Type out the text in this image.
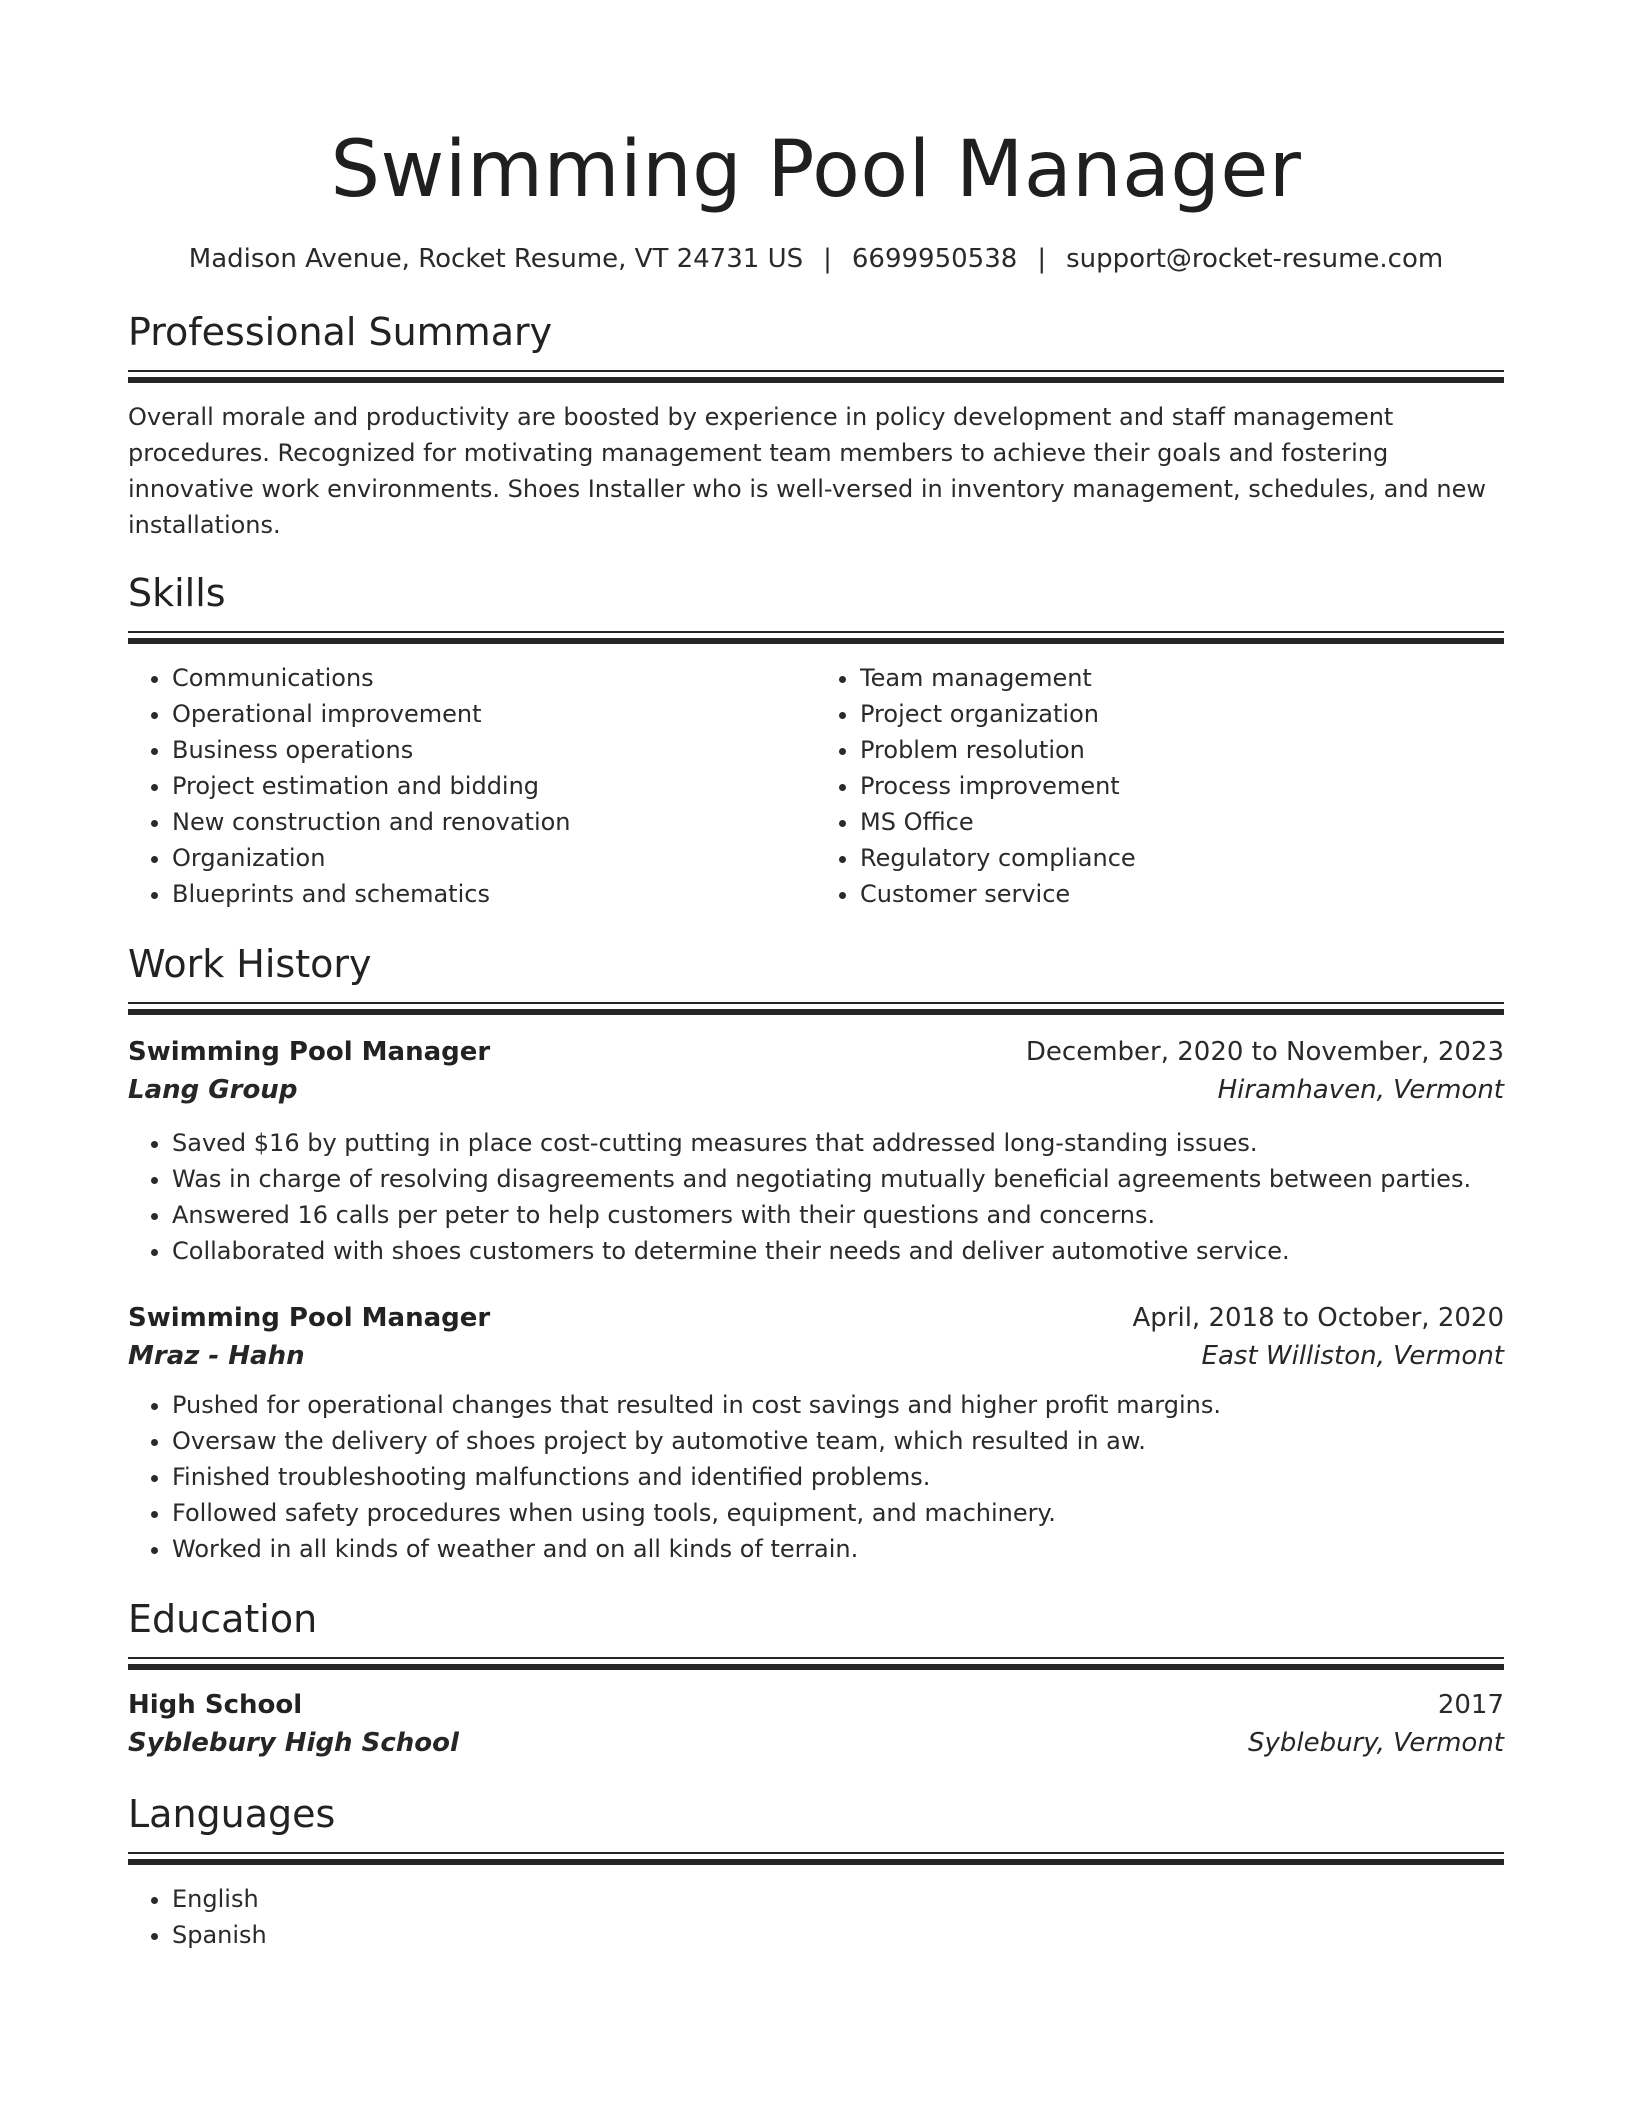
Swimming Pool Manager
Madison Avenue, Rocket Resume, VT 24731 US | 6699950538 | support@rocket-resume.com
Professional Summary

Overall morale and productivity are boosted by experience in policy development and staff management procedures. Recognized for motivating management team members to achieve their goals and fostering innovative work environments. Shoes Installer who is well-versed in inventory management, schedules, and new installations.

Skills
• Communications
• Operational improvement
• Business operations
• Project estimation and bidding
• New construction and renovation
• Organization
• Blueprints and schematics
• Team management
• Project organization
• Problem resolution
• Process improvement
• MS Office
• Regulatory compliance
• Customer service
Work History
Swimming Pool Manager	December, 2020 to November, 2023
Lang Group	Hiramhaven, Vermont
• Saved $16 by putting in place cost-cutting measures that addressed long-standing issues.
• Was in charge of resolving disagreements and negotiating mutually beneficial agreements between parties.
• Answered 16 calls per peter to help customers with their questions and concerns.
• Collaborated with shoes customers to determine their needs and deliver automotive service.
Swimming Pool Manager	April, 2018 to October, 2020
Mraz - Hahn	East Williston, Vermont
• Pushed for operational changes that resulted in cost savings and higher profit margins.
• Oversaw the delivery of shoes project by automotive team, which resulted in aw.
• Finished troubleshooting malfunctions and identified problems.
• Followed safety procedures when using tools, equipment, and machinery.
• Worked in all kinds of weather and on all kinds of terrain.
Education
High School	2017
Syblebury High School	Syblebury, Vermont
Languages
• English
• Spanish
